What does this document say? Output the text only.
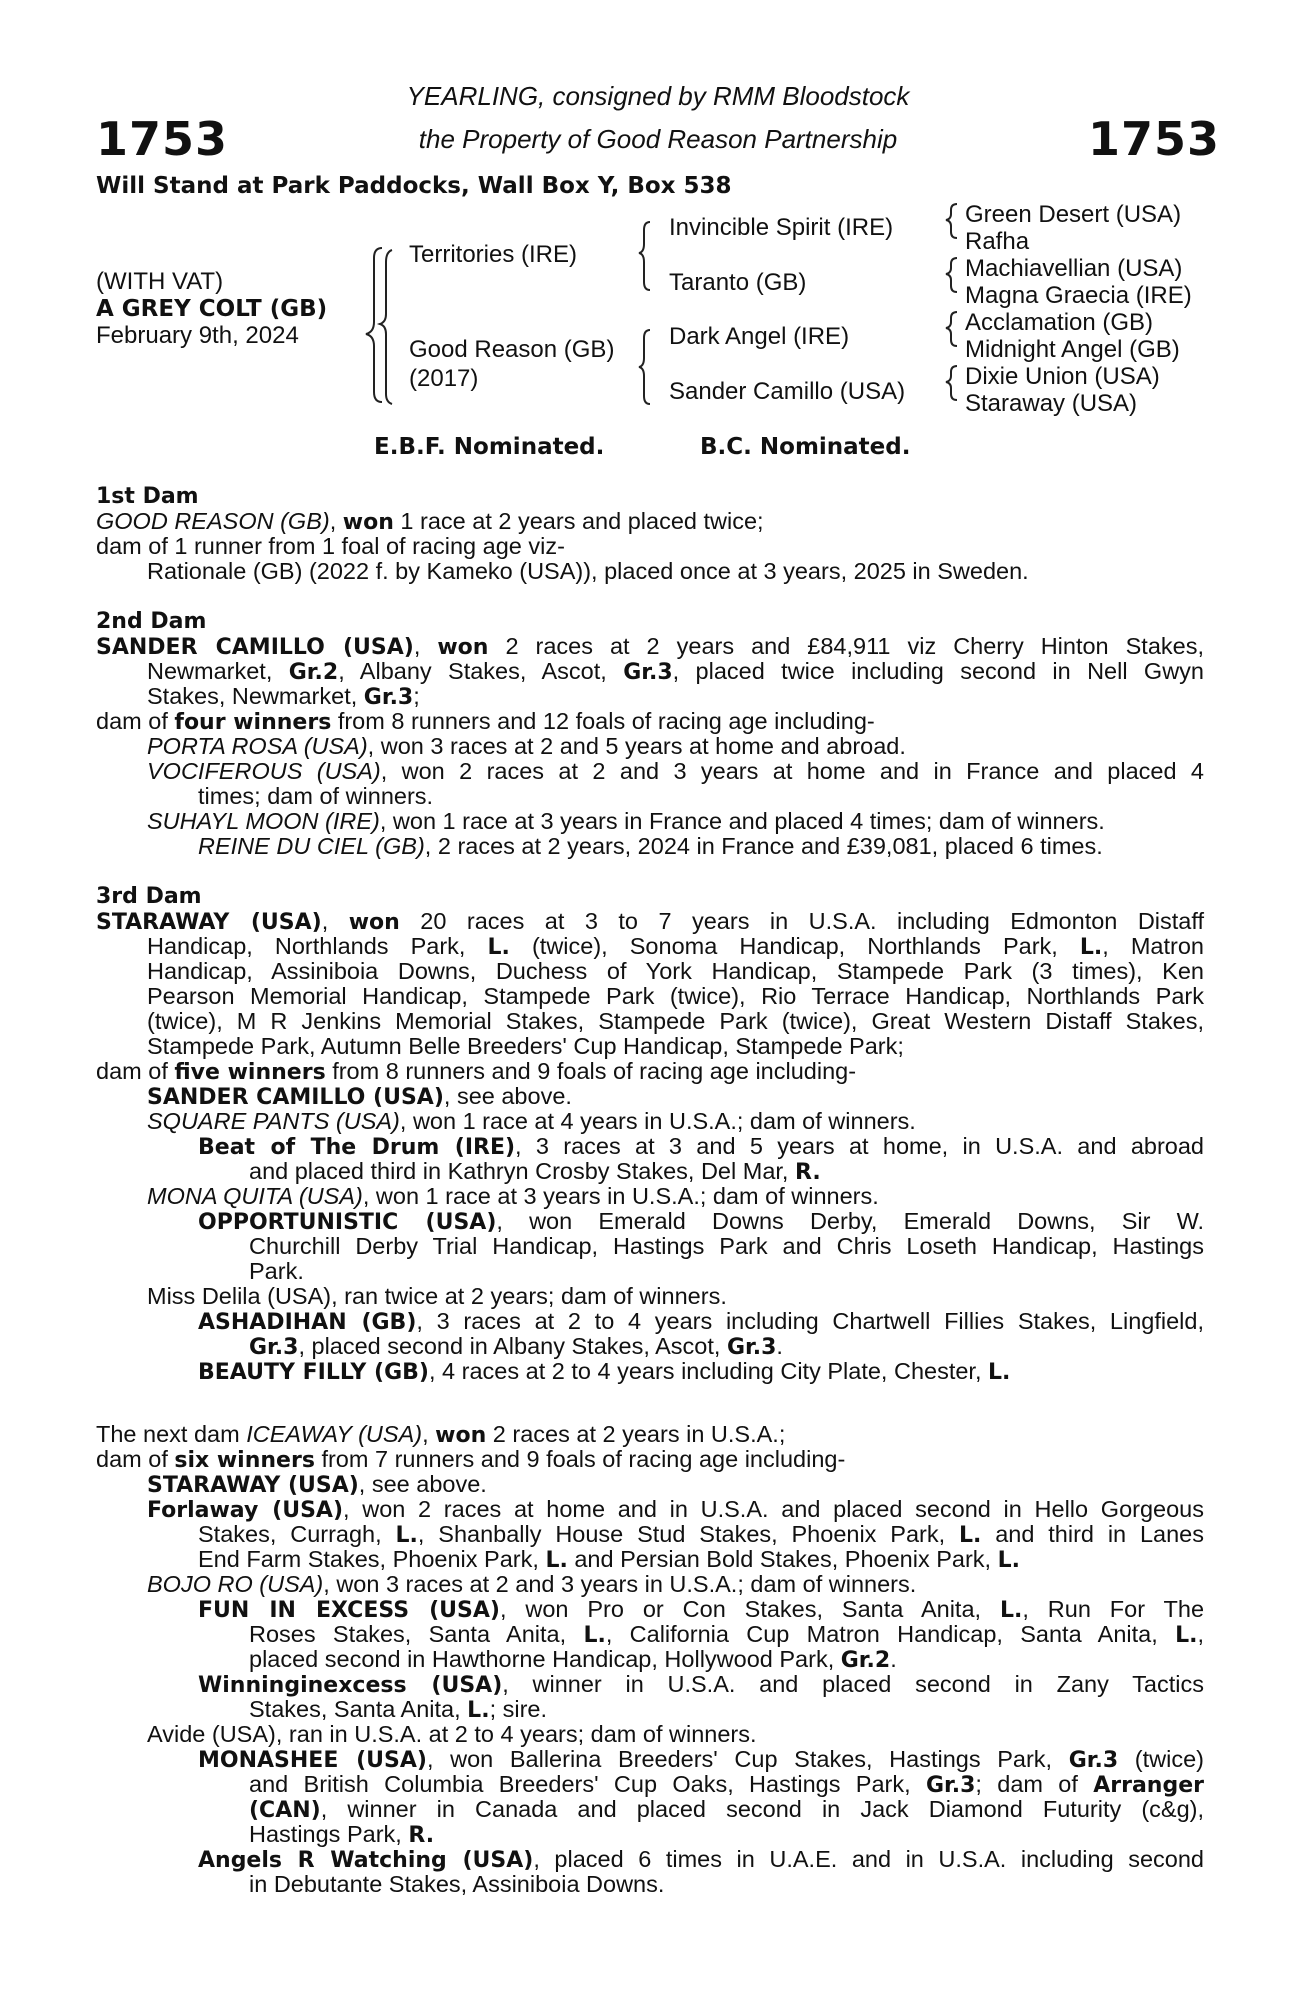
1753	1753
YEARLING, consigned by RMM Bloodstock
the Property of Good Reason Partnership
Will Stand at Park Paddocks, Wall Box Y, Box 538
(WITH VAT)
A GREY COLT (GB)
February 9th, 2024
Territories (IRE)
Good Reason (GB)
(2017)
Invincible Spirit (IRE)
Taranto (GB)
Dark Angel (IRE)
Sander Camillo (USA)
Green Desert (USA)
Rafha
Machiavellian (USA)
Magna Graecia (IRE)
Acclamation (GB)
Midnight Angel (GB)
Dixie Union (USA)
Staraway (USA)
E.B.F. Nominated.	B.C. Nominated.
1st Dam
GOOD REASON (GB), won 1 race at 2 years and placed twice;
dam of 1 runner from 1 foal of racing age viz-
Rationale (GB) (2022 f. by Kameko (USA)), placed once at 3 years, 2025 in Sweden.
2nd Dam
SANDER CAMILLO (USA), won 2 races at 2 years and £84,911 viz Cherry Hinton Stakes,
Newmarket, Gr.2, Albany Stakes, Ascot, Gr.3, placed twice including second in Nell Gwyn
Stakes, Newmarket, Gr.3;
dam of four winners from 8 runners and 12 foals of racing age including-
PORTA ROSA (USA), won 3 races at 2 and 5 years at home and abroad.
VOCIFEROUS (USA), won 2 races at 2 and 3 years at home and in France and placed 4
times; dam of winners.
SUHAYL MOON (IRE), won 1 race at 3 years in France and placed 4 times; dam of winners.
REINE DU CIEL (GB), 2 races at 2 years, 2024 in France and £39,081, placed 6 times.
3rd Dam
STARAWAY (USA), won 20 races at 3 to 7 years in U.S.A. including Edmonton Distaff
Handicap, Northlands Park, L. (twice), Sonoma Handicap, Northlands Park, L., Matron
Handicap, Assiniboia Downs, Duchess of York Handicap, Stampede Park (3 times), Ken
Pearson Memorial Handicap, Stampede Park (twice), Rio Terrace Handicap, Northlands Park
(twice), M R Jenkins Memorial Stakes, Stampede Park (twice), Great Western Distaff Stakes,
Stampede Park, Autumn Belle Breeders' Cup Handicap, Stampede Park;
dam of five winners from 8 runners and 9 foals of racing age including-
SANDER CAMILLO (USA), see above.
SQUARE PANTS (USA), won 1 race at 4 years in U.S.A.; dam of winners.
Beat of The Drum (IRE), 3 races at 3 and 5 years at home, in U.S.A. and abroad
and placed third in Kathryn Crosby Stakes, Del Mar, R.
MONA QUITA (USA), won 1 race at 3 years in U.S.A.; dam of winners.
OPPORTUNISTIC (USA), won Emerald Downs Derby, Emerald Downs, Sir W.
Churchill Derby Trial Handicap, Hastings Park and Chris Loseth Handicap, Hastings
Park.
Miss Delila (USA), ran twice at 2 years; dam of winners.
ASHADIHAN (GB), 3 races at 2 to 4 years including Chartwell Fillies Stakes, Lingfield,
Gr.3, placed second in Albany Stakes, Ascot, Gr.3.
BEAUTY FILLY (GB), 4 races at 2 to 4 years including City Plate, Chester, L.
The next dam ICEAWAY (USA), won 2 races at 2 years in U.S.A.;
dam of six winners from 7 runners and 9 foals of racing age including-
STARAWAY (USA), see above.
Forlaway (USA), won 2 races at home and in U.S.A. and placed second in Hello Gorgeous
Stakes, Curragh, L., Shanbally House Stud Stakes, Phoenix Park, L. and third in Lanes
End Farm Stakes, Phoenix Park, L. and Persian Bold Stakes, Phoenix Park, L.
BOJO RO (USA), won 3 races at 2 and 3 years in U.S.A.; dam of winners.
FUN IN EXCESS (USA), won Pro or Con Stakes, Santa Anita, L., Run For The
Roses Stakes, Santa Anita, L., California Cup Matron Handicap, Santa Anita, L.,
placed second in Hawthorne Handicap, Hollywood Park, Gr.2.
Winninginexcess (USA), winner in U.S.A. and placed second in Zany Tactics
Stakes, Santa Anita, L.; sire.
Avide (USA), ran in U.S.A. at 2 to 4 years; dam of winners.
MONASHEE (USA), won Ballerina Breeders' Cup Stakes, Hastings Park, Gr.3 (twice)
and British Columbia Breeders' Cup Oaks, Hastings Park, Gr.3; dam of Arranger
(CAN), winner in Canada and placed second in Jack Diamond Futurity (c&g),
Hastings Park, R.
Angels R Watching (USA), placed 6 times in U.A.E. and in U.S.A. including second
in Debutante Stakes, Assiniboia Downs.
